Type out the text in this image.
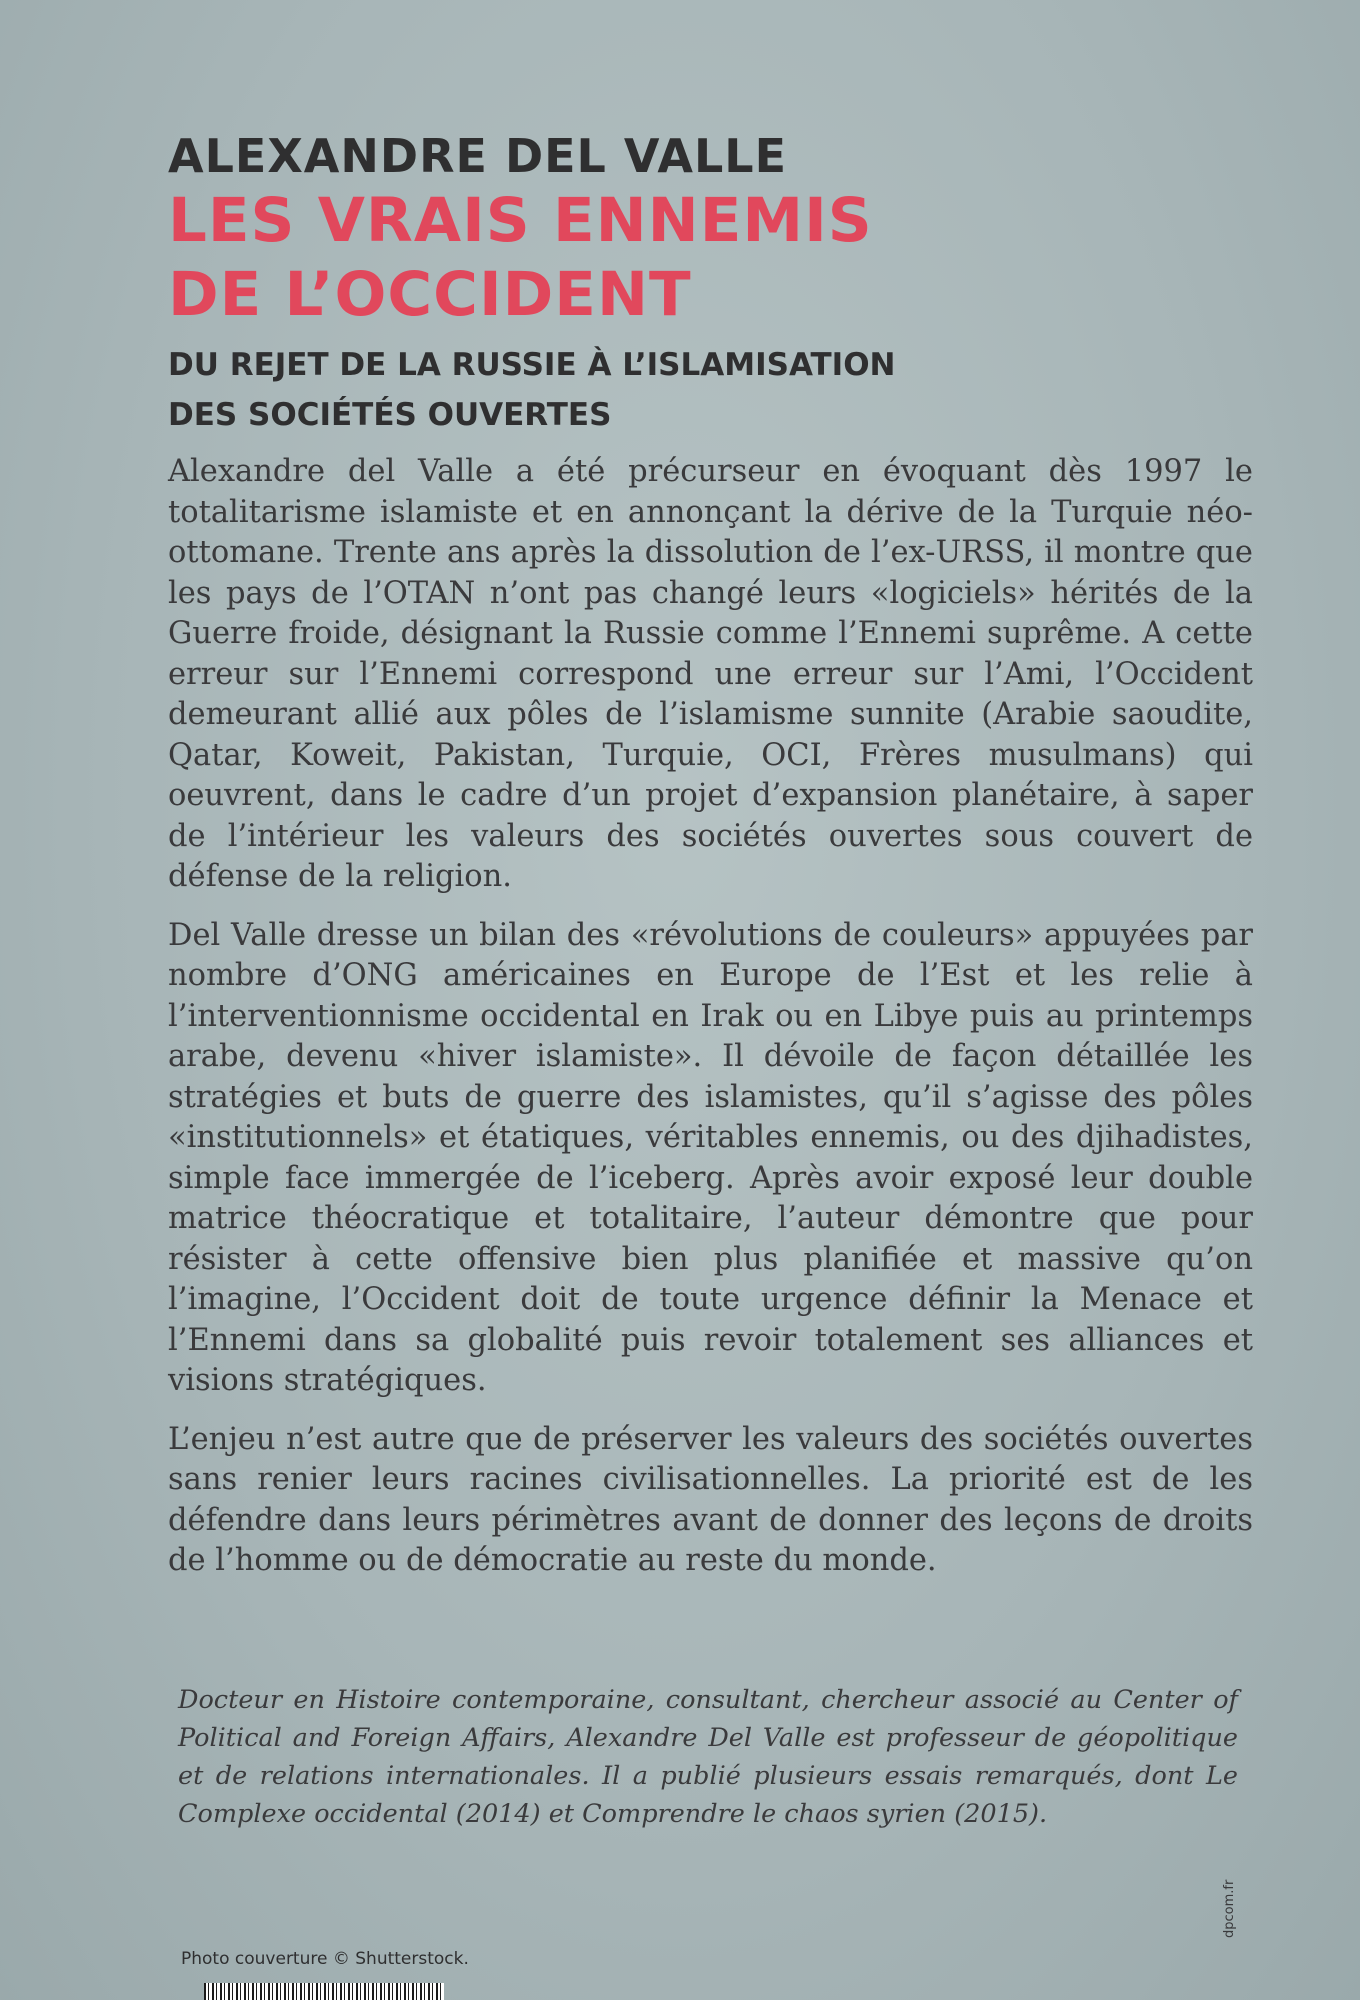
ALEXANDRE DEL VALLE
LES VRAIS ENNEMIS
DE L’OCCIDENT
DU REJET DE LA RUSSIE À L’ISLAMISATION
DES SOCIÉTÉS OUVERTES

Alexandre del Valle a été précurseur en évoquant dès 1997 le totalitarisme islamiste et en annonçant la dérive de la Turquie néo-ottomane. Trente ans après la dissolution de l’ex-URSS, il montre que les pays de l’OTAN n’ont pas changé leurs «logiciels» hérités de la Guerre froide, désignant la Russie comme l’Ennemi suprême. A cette erreur sur l’Ennemi correspond une erreur sur l’Ami, l’Occident demeurant allié aux pôles de l’islamisme sunnite (Arabie saoudite, Qatar, Koweit, Pakistan, Turquie, OCI, Frères musulmans) qui oeuvrent, dans le cadre d’un projet d’expansion planétaire, à saper de l’intérieur les valeurs des sociétés ouvertes sous couvert de défense de la religion.

Del Valle dresse un bilan des «révolutions de couleurs» appuyées par nombre d’ONG américaines en Europe de l’Est et les relie à l’interventionnisme occidental en Irak ou en Libye puis au printemps arabe, devenu «hiver islamiste». Il dévoile de façon détaillée les stratégies et buts de guerre des islamistes, qu’il s’agisse des pôles «institutionnels» et étatiques, véritables ennemis, ou des djihadistes, simple face immergée de l’iceberg. Après avoir exposé leur double matrice théocratique et totalitaire, l’auteur démontre que pour résister à cette offensive bien plus planifiée et massive qu’on l’imagine, l’Occident doit de toute urgence définir la Menace et l’Ennemi dans sa globalité puis revoir totalement ses alliances et visions stratégiques.

L’enjeu n’est autre que de préserver les valeurs des sociétés ouvertes sans renier leurs racines civilisationnelles. La priorité est de les défendre dans leurs périmètres avant de donner des leçons de droits de l’homme ou de démocratie au reste du monde.

Docteur en Histoire contemporaine, consultant, chercheur associé au Center of Political and Foreign Affairs, Alexandre Del Valle est professeur de géopolitique et de relations internationales. Il a publié plusieurs essais remarqués, dont Le Complexe occidental (2014) et Comprendre le chaos syrien (2015).

Photo couverture © Shutterstock.
dpcom.fr
